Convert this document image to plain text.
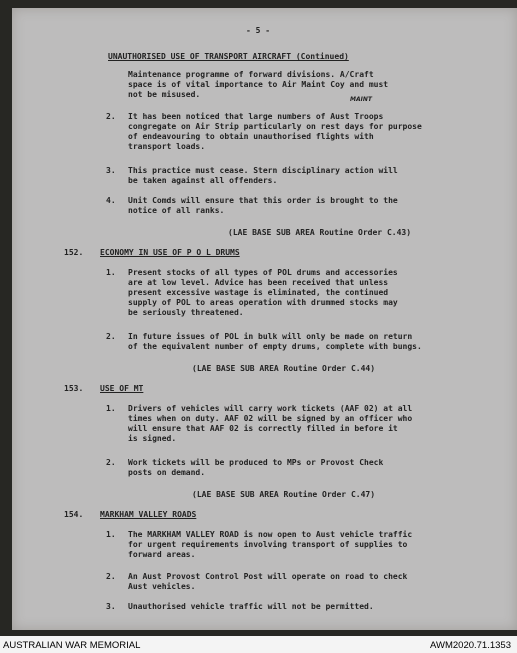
- 5 -
UNAUTHORISED USE OF TRANSPORT AIRCRAFT (Continued)
Maintenance programme of forward divisions. A/Craft
space is of vital importance to Air Maint Coy and must
not be misused.
MAINT
2. It has been noticed that large numbers of Aust Troops
congregate on Air Strip particularly on rest days for purpose
of endeavouring to obtain unauthorised flights with
transport loads.
3. This practice must cease. Stern disciplinary action will
be taken against all offenders.
4. Unit Comds will ensure that this order is brought to the
notice of all ranks.
(LAE BASE SUB AREA Routine Order C.43)
152. ECONOMY IN USE OF P O L DRUMS
1. Present stocks of all types of POL drums and accessories
are at low level. Advice has been received that unless
present excessive wastage is eliminated, the continued
supply of POL to areas operation with drummed stocks may
be seriously threatened.
2. In future issues of POL in bulk will only be made on return
of the equivalent number of empty drums, complete with bungs.
(LAE BASE SUB AREA Routine Order C.44)
153. USE OF MT
1. Drivers of vehicles will carry work tickets (AAF 02) at all
times when on duty. AAF 02 will be signed by an officer who
will ensure that AAF 02 is correctly filled in before it
is signed.
2. Work tickets will be produced to MPs or Provost Check
posts on demand.
(LAE BASE SUB AREA Routine Order C.47)
154. MARKHAM VALLEY ROADS
1. The MARKHAM VALLEY ROAD is now open to Aust vehicle traffic
for urgent requirements involving transport of supplies to
forward areas.
2. An Aust Provost Control Post will operate on road to check
Aust vehicles.
3. Unauthorised vehicle traffic will not be permitted.
AUSTRALIAN WAR MEMORIAL	AWM2020.71.1353
